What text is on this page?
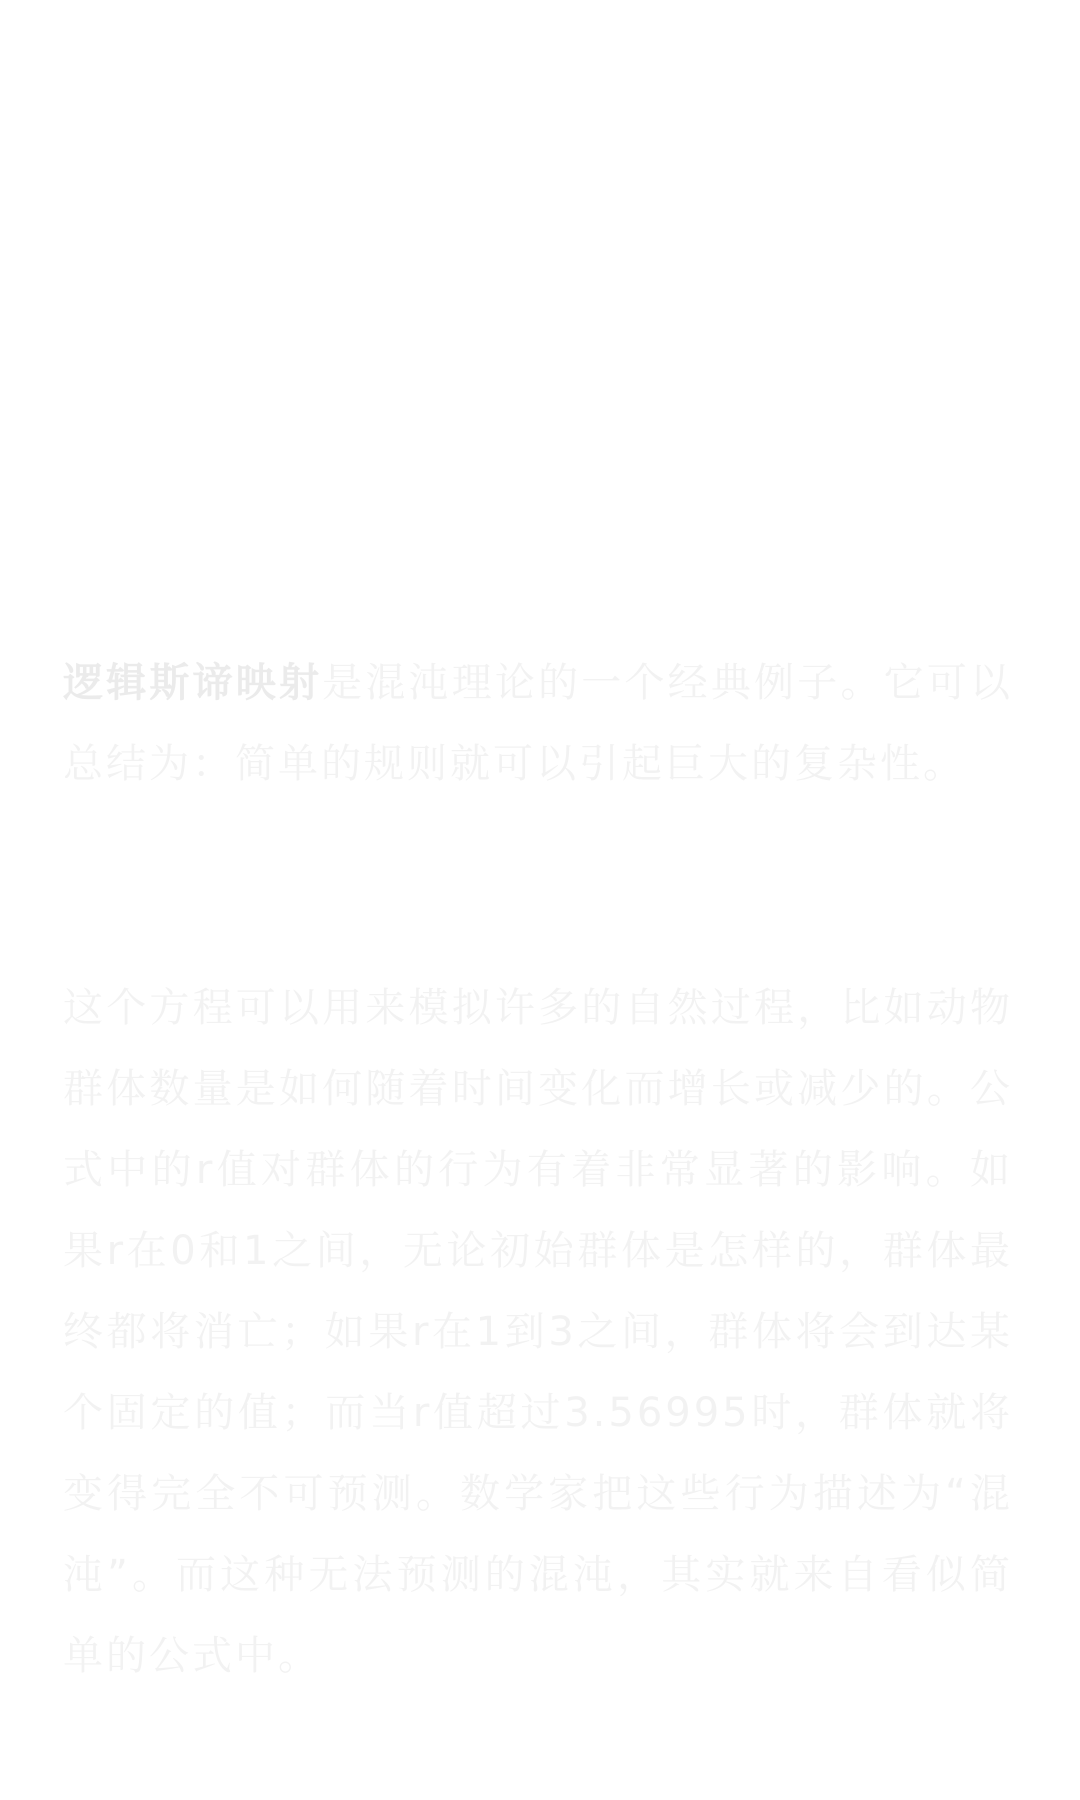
逻辑斯谛映射是混沌理论的一个经典例子。它可以总结为：简单的规则就可以引起巨大的复杂性。

这个方程可以用来模拟许多的自然过程，比如动物群体数量是如何随着时间变化而增长或减少的。公式中的r值对群体的行为有着非常显著的影响。如果r在0和1之间，无论初始群体是怎样的，群体最终都将消亡；如果r在1到3之间，群体将会到达某个固定的值；而当r值超过3.56995时，群体就将变得完全不可预测。数学家把这些行为描述为“混沌”。而这种无法预测的混沌，其实就来自看似简单的公式中。
